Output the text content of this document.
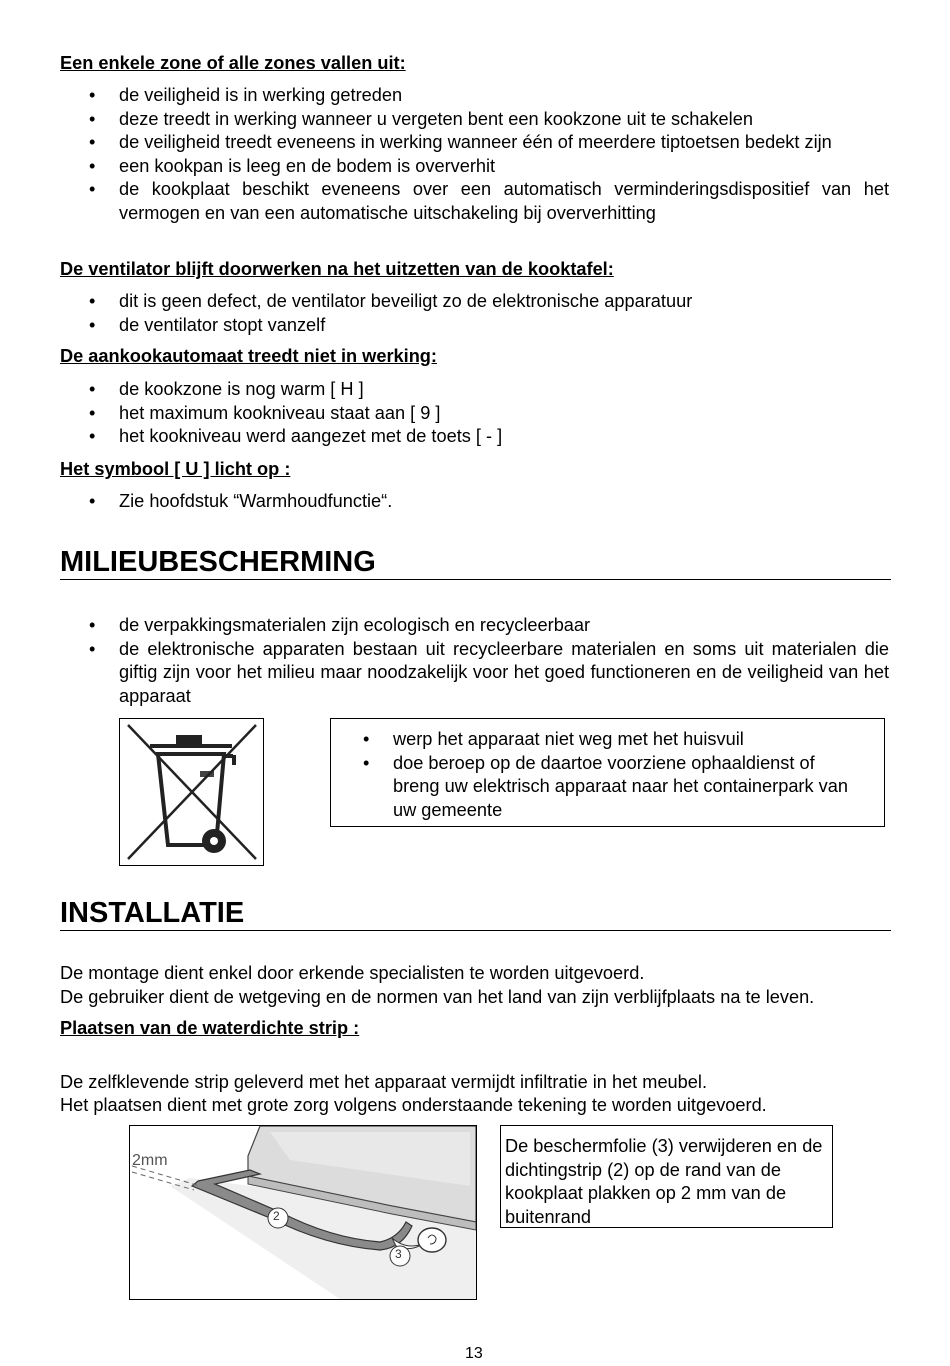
Een enkele zone of alle zones vallen uit:
• de veiligheid is in werking getreden
• deze treedt in werking wanneer u vergeten bent een kookzone uit te schakelen
• de veiligheid treedt eveneens in werking wanneer één of meerdere tiptoetsen bedekt zijn
• een kookpan is leeg en de bodem is oververhit
• de kookplaat beschikt eveneens over een automatisch verminderingsdispositief van het vermogen en van een automatische uitschakeling bij oververhitting
De ventilator blijft doorwerken na het uitzetten van de kooktafel:
• dit is geen defect, de ventilator beveiligt zo de elektronische apparatuur
• de ventilator stopt vanzelf
De aankookautomaat treedt niet in werking:
• de kookzone is nog warm [ H ]
• het maximum kookniveau staat aan [ 9 ]
• het kookniveau werd aangezet met de toets [ - ]
Het symbool [ U ] licht op :
• Zie hoofdstuk “Warmhoudfunctie“.
MILIEUBESCHERMING
• de verpakkingsmaterialen zijn ecologisch en recycleerbaar
• de elektronische apparaten bestaan uit recycleerbare materialen en soms uit materialen die giftig zijn voor het milieu maar noodzakelijk voor het goed functioneren en de veiligheid van het apparaat
• werp het apparaat niet weg met het huisvuil
• doe beroep op de daartoe voorziene ophaaldienst of breng uw elektrisch apparaat naar het containerpark van uw gemeente
INSTALLATIE
De montage dient enkel door erkende specialisten te worden uitgevoerd.
De gebruiker dient de wetgeving en de normen van het land van zijn verblijfplaats na te leven.
Plaatsen van de waterdichte strip :
De zelfklevende strip geleverd met het apparaat vermijdt infiltratie in het meubel.
Het plaatsen dient met grote zorg volgens onderstaande tekening te worden uitgevoerd.
2mm
2
3
De beschermfolie (3) verwijderen en de dichtingstrip (2) op de rand van de kookplaat plakken op 2 mm van de buitenrand
13
